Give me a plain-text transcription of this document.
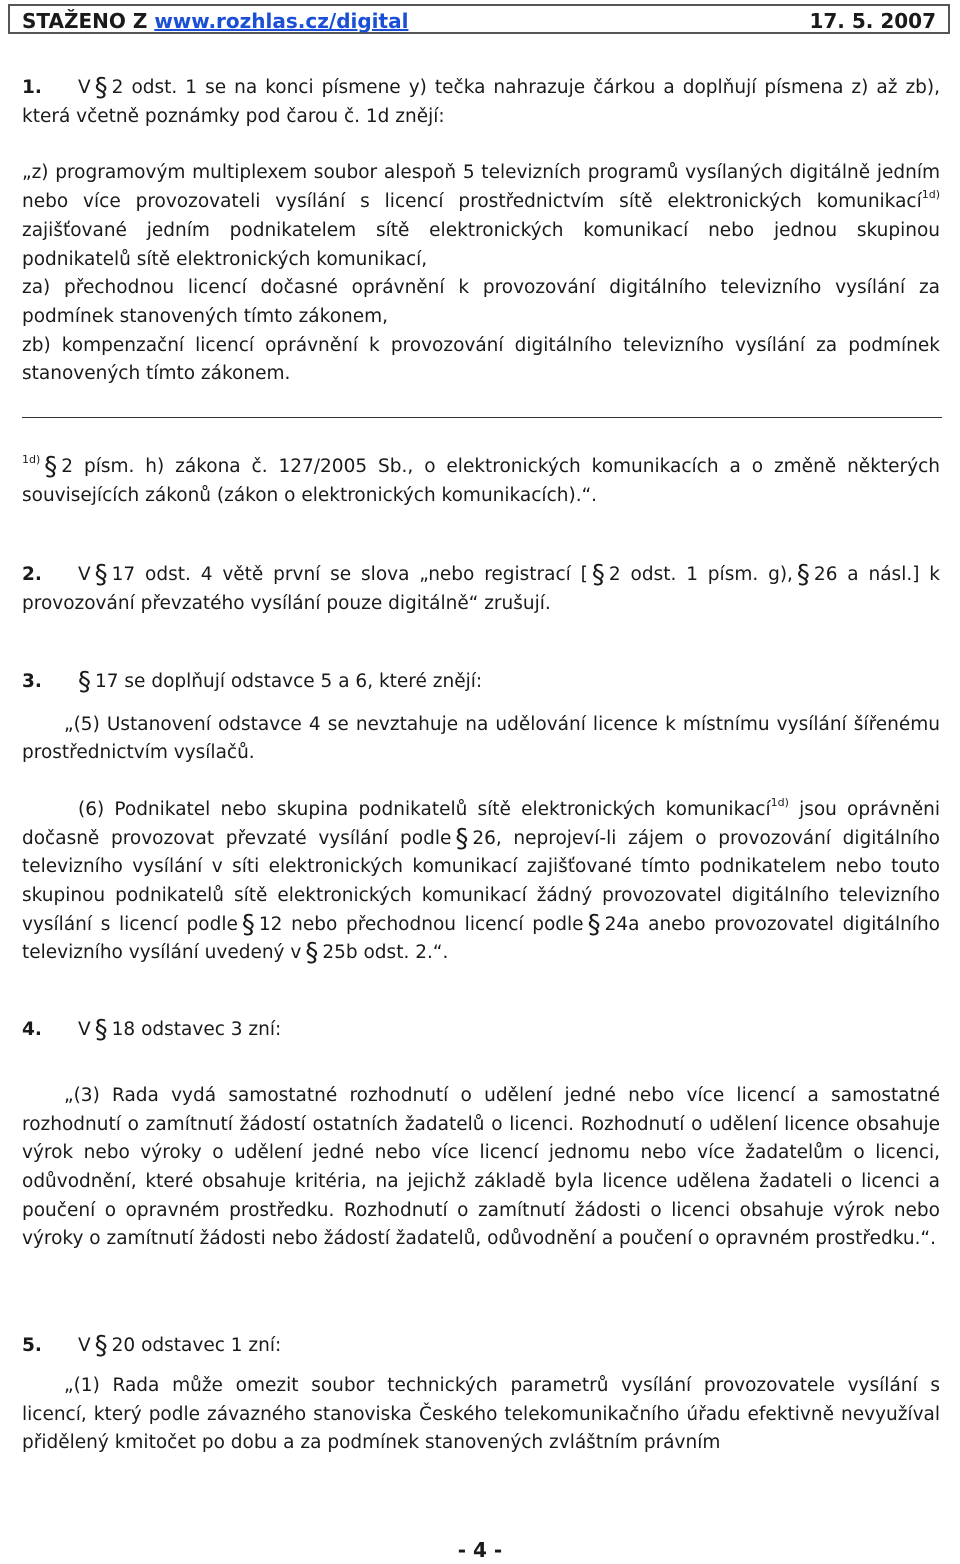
STAŽENO Z www.rozhlas.cz/digital	17. 5. 2007

1. V § 2 odst. 1 se na konci písmene y) tečka nahrazuje čárkou a doplňují písmena z) až zb), která včetně poznámky pod čarou č. 1d znějí:

„z) programovým multiplexem soubor alespoň 5 televizních programů vysílaných digitálně jedním nebo více provozovateli vysílání s licencí prostřednictvím sítě elektronických komunikací$^{1d)}$ zajišťované jedním podnikatelem sítě elektronických komunikací nebo jednou skupinou podnikatelů sítě elektronických komunikací,

za) přechodnou licencí dočasné oprávnění k provozování digitálního televizního vysílání za podmínek stanovených tímto zákonem,

zb) kompenzační licencí oprávnění k provozování digitálního televizního vysílání za podmínek stanovených tímto zákonem.

$^{1d)}$ § 2 písm. h) zákona č. 127/2005 Sb., o elektronických komunikacích a o změně některých souvisejících zákonů (zákon o elektronických komunikacích).“.

2. V § 17 odst. 4 větě první se slova „nebo registrací [ § 2 odst. 1 písm. g), § 26 a násl.] k provozování převzatého vysílání pouze digitálně“ zrušují.

3. § 17 se doplňují odstavce 5 a 6, které znějí:

„(5) Ustanovení odstavce 4 se nevztahuje na udělování licence k místnímu vysílání šířenému prostřednictvím vysílačů.

(6) Podnikatel nebo skupina podnikatelů sítě elektronických komunikací$^{1d)}$ jsou oprávněni dočasně provozovat převzaté vysílání podle § 26, neprojeví-li zájem o provozování digitálního televizního vysílání v síti elektronických komunikací zajišťované tímto podnikatelem nebo touto skupinou podnikatelů sítě elektronických komunikací žádný provozovatel digitálního televizního vysílání s licencí podle § 12 nebo přechodnou licencí podle § 24a anebo provozovatel digitálního televizního vysílání uvedený v § 25b odst. 2.“.

4. V § 18 odstavec 3 zní:

„(3) Rada vydá samostatné rozhodnutí o udělení jedné nebo více licencí a samostatné rozhodnutí o zamítnutí žádostí ostatních žadatelů o licenci. Rozhodnutí o udělení licence obsahuje výrok nebo výroky o udělení jedné nebo více licencí jednomu nebo více žadatelům o licenci, odůvodnění, které obsahuje kritéria, na jejichž základě byla licence udělena žadateli o licenci a poučení o opravném prostředku. Rozhodnutí o zamítnutí žádosti o licenci obsahuje výrok nebo výroky o zamítnutí žádosti nebo žádostí žadatelů, odůvodnění a poučení o opravném prostředku.“.

5. V § 20 odstavec 1 zní:

„(1) Rada může omezit soubor technických parametrů vysílání provozovatele vysílání s licencí, který podle závazného stanoviska Českého telekomunikačního úřadu efektivně nevyužíval přidělený kmitočet po dobu a za podmínek stanovených zvláštním právním

- 4 -
